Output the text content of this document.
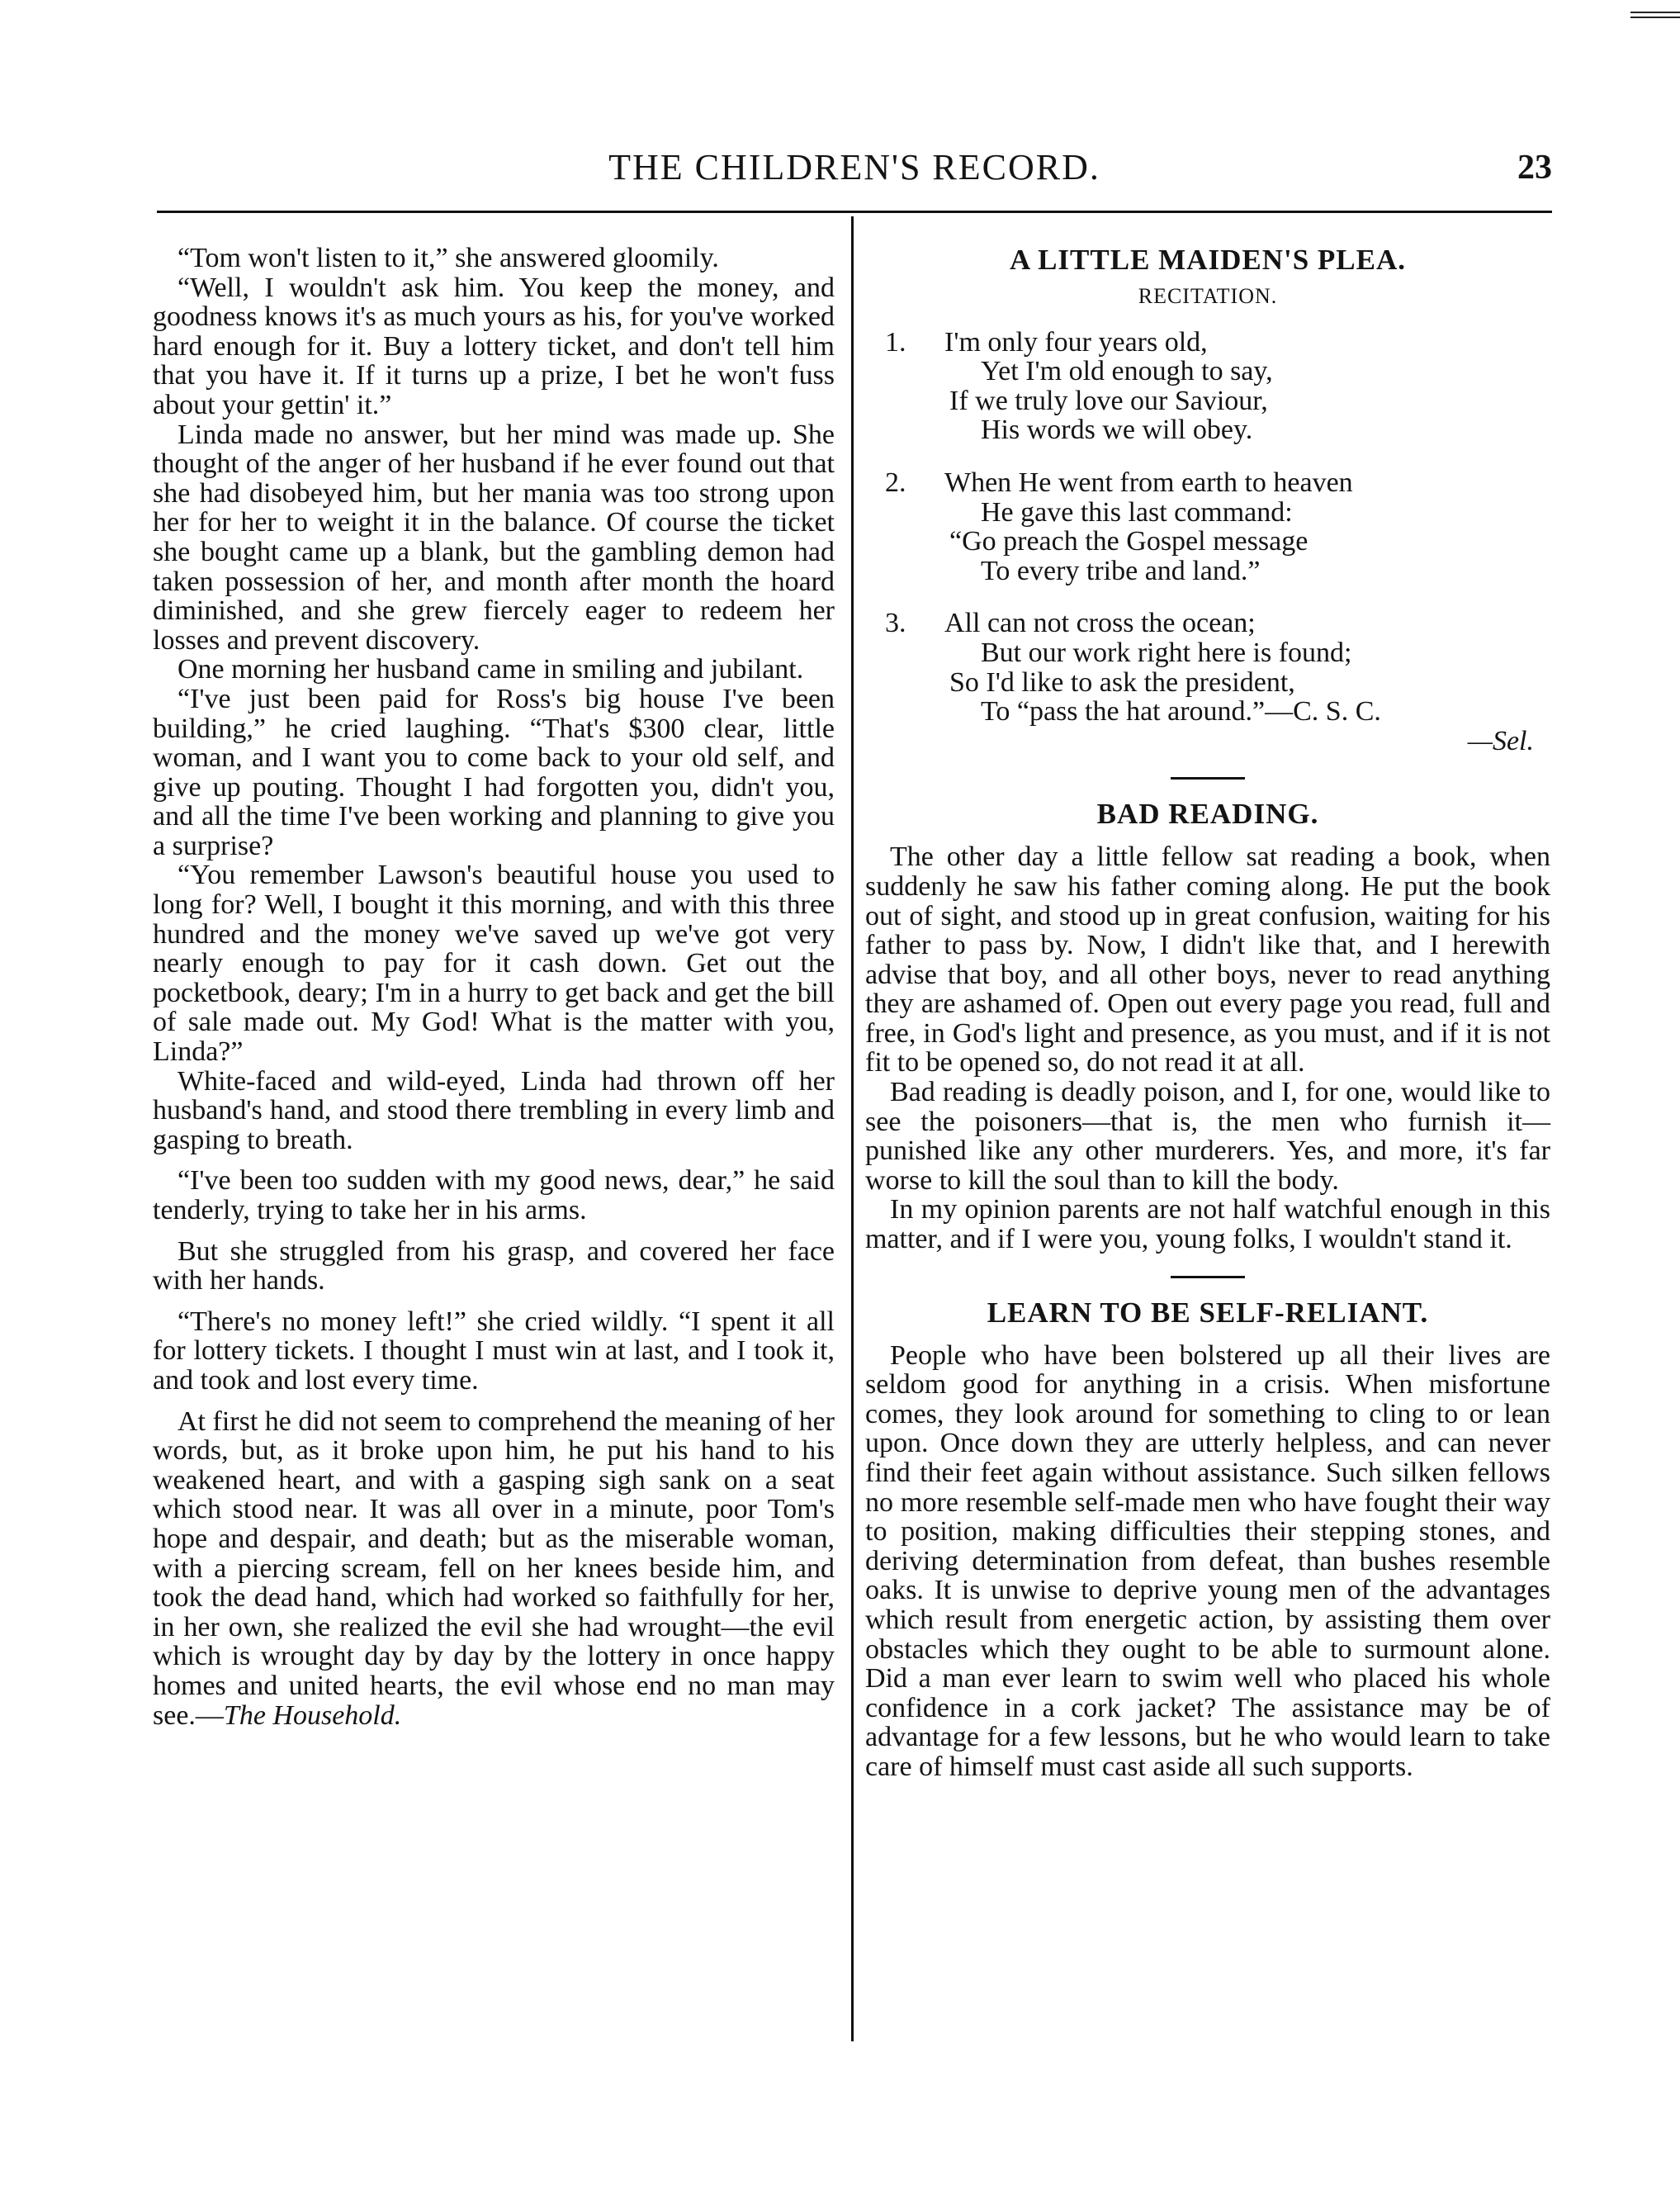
THE CHILDREN'S RECORD.	23

“Tom won't listen to it,” she answered gloomily.

“Well, I wouldn't ask him. You keep the money, and goodness knows it's as much yours as his, for you've worked hard enough for it. Buy a lottery ticket, and don't tell him that you have it. If it turns up a prize, I bet he won't fuss about your gettin' it.”

Linda made no answer, but her mind was made up. She thought of the anger of her husband if he ever found out that she had disobeyed him, but her mania was too strong upon her for her to weight it in the balance. Of course the ticket she bought came up a blank, but the gambling demon had taken possession of her, and month after month the hoard diminished, and she grew fiercely eager to redeem her losses and prevent discovery.

One morning her husband came in smiling and jubilant.

“I've just been paid for Ross's big house I've been building,” he cried laughing. “That's $300 clear, little woman, and I want you to come back to your old self, and give up pouting. Thought I had forgotten you, didn't you, and all the time I've been working and planning to give you a surprise?

“You remember Lawson's beautiful house you used to long for? Well, I bought it this morning, and with this three hundred and the money we've saved up we've got very nearly enough to pay for it cash down. Get out the pocketbook, deary; I'm in a hurry to get back and get the bill of sale made out. My God! What is the matter with you, Linda?”

White-faced and wild-eyed, Linda had thrown off her husband's hand, and stood there trembling in every limb and gasping to breath.

“I've been too sudden with my good news, dear,” he said tenderly, trying to take her in his arms.

But she struggled from his grasp, and covered her face with her hands.

“There's no money left!” she cried wildly. “I spent it all for lottery tickets. I thought I must win at last, and I took it, and took and lost every time.

At first he did not seem to comprehend the meaning of her words, but, as it broke upon him, he put his hand to his weakened heart, and with a gasping sigh sank on a seat which stood near. It was all over in a minute, poor Tom's hope and despair, and death; but as the miserable woman, with a piercing scream, fell on her knees beside him, and took the dead hand, which had worked so faithfully for her, in her own, she realized the evil she had wrought—the evil which is wrought day by day by the lottery in once happy homes and united hearts, the evil whose end no man may see.—The Household.

A LITTLE MAIDEN'S PLEA.
RECITATION.
1.	I'm only four years old,
Yet I'm old enough to say,
If we truly love our Saviour,
His words we will obey.
2.	When He went from earth to heaven
He gave this last command:
“Go preach the Gospel message
To every tribe and land.”
3.	All can not cross the ocean;
But our work right here is found;
So I'd like to ask the president,
To “pass the hat around.”—C. S. C.
—Sel.
BAD READING.

The other day a little fellow sat reading a book, when suddenly he saw his father coming along. He put the book out of sight, and stood up in great confusion, waiting for his father to pass by. Now, I didn't like that, and I herewith advise that boy, and all other boys, never to read anything they are ashamed of. Open out every page you read, full and free, in God's light and presence, as you must, and if it is not fit to be opened so, do not read it at all.

Bad reading is deadly poison, and I, for one, would like to see the poisoners—that is, the men who furnish it—punished like any other murderers. Yes, and more, it's far worse to kill the soul than to kill the body.

In my opinion parents are not half watchful enough in this matter, and if I were you, young folks, I wouldn't stand it.

LEARN TO BE SELF-RELIANT.

People who have been bolstered up all their lives are seldom good for anything in a crisis. When misfortune comes, they look around for something to cling to or lean upon. Once down they are utterly helpless, and can never find their feet again without assistance. Such silken fellows no more resemble self-made men who have fought their way to position, making difficulties their stepping stones, and deriving determination from defeat, than bushes resemble oaks. It is unwise to deprive young men of the advantages which result from energetic action, by assisting them over obstacles which they ought to be able to surmount alone. Did a man ever learn to swim well who placed his whole confidence in a cork jacket? The assistance may be of advantage for a few lessons, but he who would learn to take care of himself must cast aside all such supports.
